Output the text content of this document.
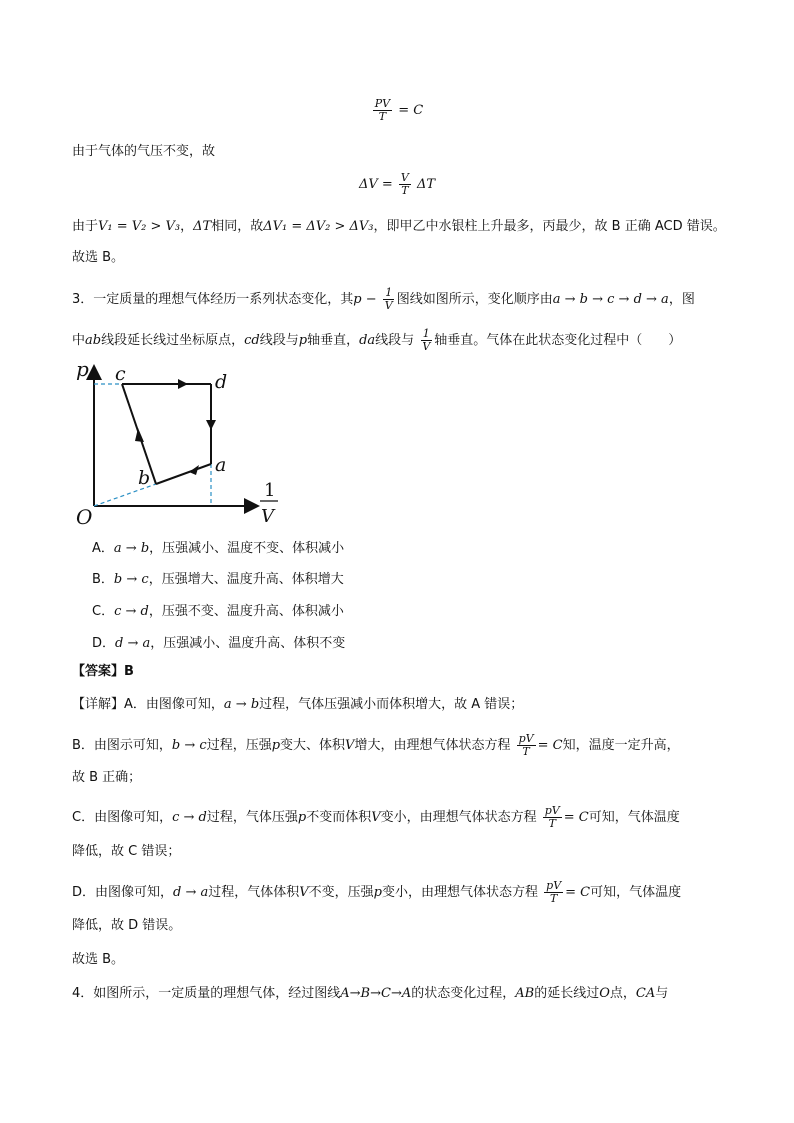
$\frac{PV}{T} = C$
由于气体的气压不变，故
$\Delta V = \frac{V}{T}$ ΔT
由于V₁ = V₂ > V₃，ΔT相同，故ΔV₁ = ΔV₂ > ΔV₃，即甲乙中水银柱上升最多，丙最少，故 B 正确 ACD 错误。
故选 B。
3．一定质量的理想气体经历一系列状态变化，其$p - \frac{1}{V}$ 图线如图所示，变化顺序由a → b → c → d → a，图
中ab线段延长线过坐标原点，cd线段与p轴垂直，da线段与 $\frac{1}{V}$ 轴垂直。气体在此状态变化过程中（　　）
p
O
1
V
a
b
c	d
A．a → b，压强减小、温度不变、体积减小
B．b → c，压强增大、温度升高、体积增大
C．c → d，压强不变、温度升高、体积减小
D．d → a，压强减小、温度升高、体积不变
【答案】B
【详解】A．由图像可知，a → b过程，气体压强减小而体积增大，故 A 错误；
B．由图示可知，b → c过程，压强p变大、体积V增大，由理想气体状态方程 $\frac{pV}{T} = C$知，温度一定升高，
故 B 正确；
C．由图像可知，c → d过程，气体压强p不变而体积V变小，由理想气体状态方程 $\frac{pV}{T} = C$可知，气体温度
降低，故 C 错误；
D．由图像可知，d → a过程，气体体积V不变，压强p变小，由理想气体状态方程 $\frac{pV}{T} = C$可知，气体温度
降低，故 D 错误。
故选 B。
4．如图所示，一定质量的理想气体，经过图线A→B→C→A的状态变化过程，AB的延长线过O点，CA与
